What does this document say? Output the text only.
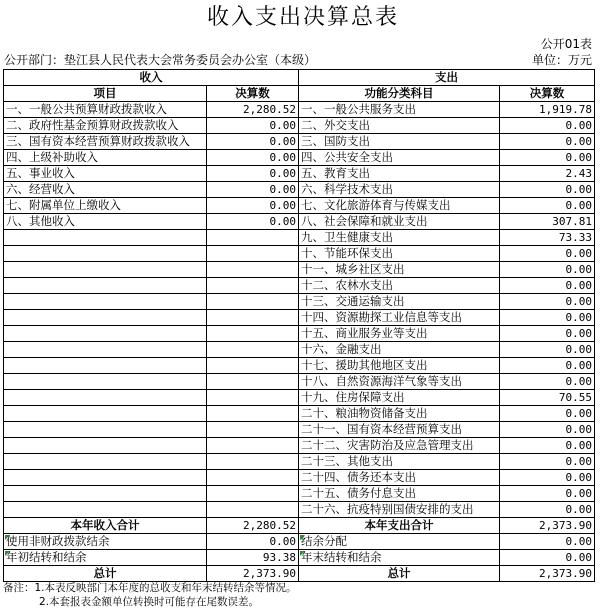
收入支出决算总表
公开01表
公开部门：垫江县人民代表大会常务委员会办公室（本级）	单位：万元
收入		支出	
项目	决算数	功能分类科目	决算数
一、一般公共预算财政拨款收入	2,280.52	一、一般公共服务支出	1,919.78
二、政府性基金预算财政拨款收入	0.00	二、外交支出	0.00
三、国有资本经营预算财政拨款收入	0.00	三、国防支出	0.00
四、上级补助收入	0.00	四、公共安全支出	0.00
五、事业收入	0.00	五、教育支出	2.43
六、经营收入	0.00	六、科学技术支出	0.00
七、附属单位上缴收入	0.00	七、文化旅游体育与传媒支出	0.00
八、其他收入	0.00	八、社会保障和就业支出	307.81
		九、卫生健康支出	73.33
		十、节能环保支出	0.00
		十一、城乡社区支出	0.00
		十二、农林水支出	0.00
		十三、交通运输支出	0.00
		十四、资源勘探工业信息等支出	0.00
		十五、商业服务业等支出	0.00
		十六、金融支出	0.00
		十七、援助其他地区支出	0.00
		十八、自然资源海洋气象等支出	0.00
		十九、住房保障支出	70.55
		二十、粮油物资储备支出	0.00
		二十一、国有资本经营预算支出	0.00
		二十二、灾害防治及应急管理支出	0.00
		二十三、其他支出	0.00
		二十四、债务还本支出	0.00
		二十五、债务付息支出	0.00
		二十六、抗疫特别国债安排的支出	0.00
本年收入合计	2,280.52	本年支出合计	2,373.90

使用非财政拨款结余	0.00	结余分配	0.00

年初结转和结余	93.38	年末结转和结余	0.00
总计	2,373.90	总计	2,373.90
备注：1.本表反映部门本年度的总收支和年末结转结余等情况。
2.本套报表金额单位转换时可能存在尾数误差。
